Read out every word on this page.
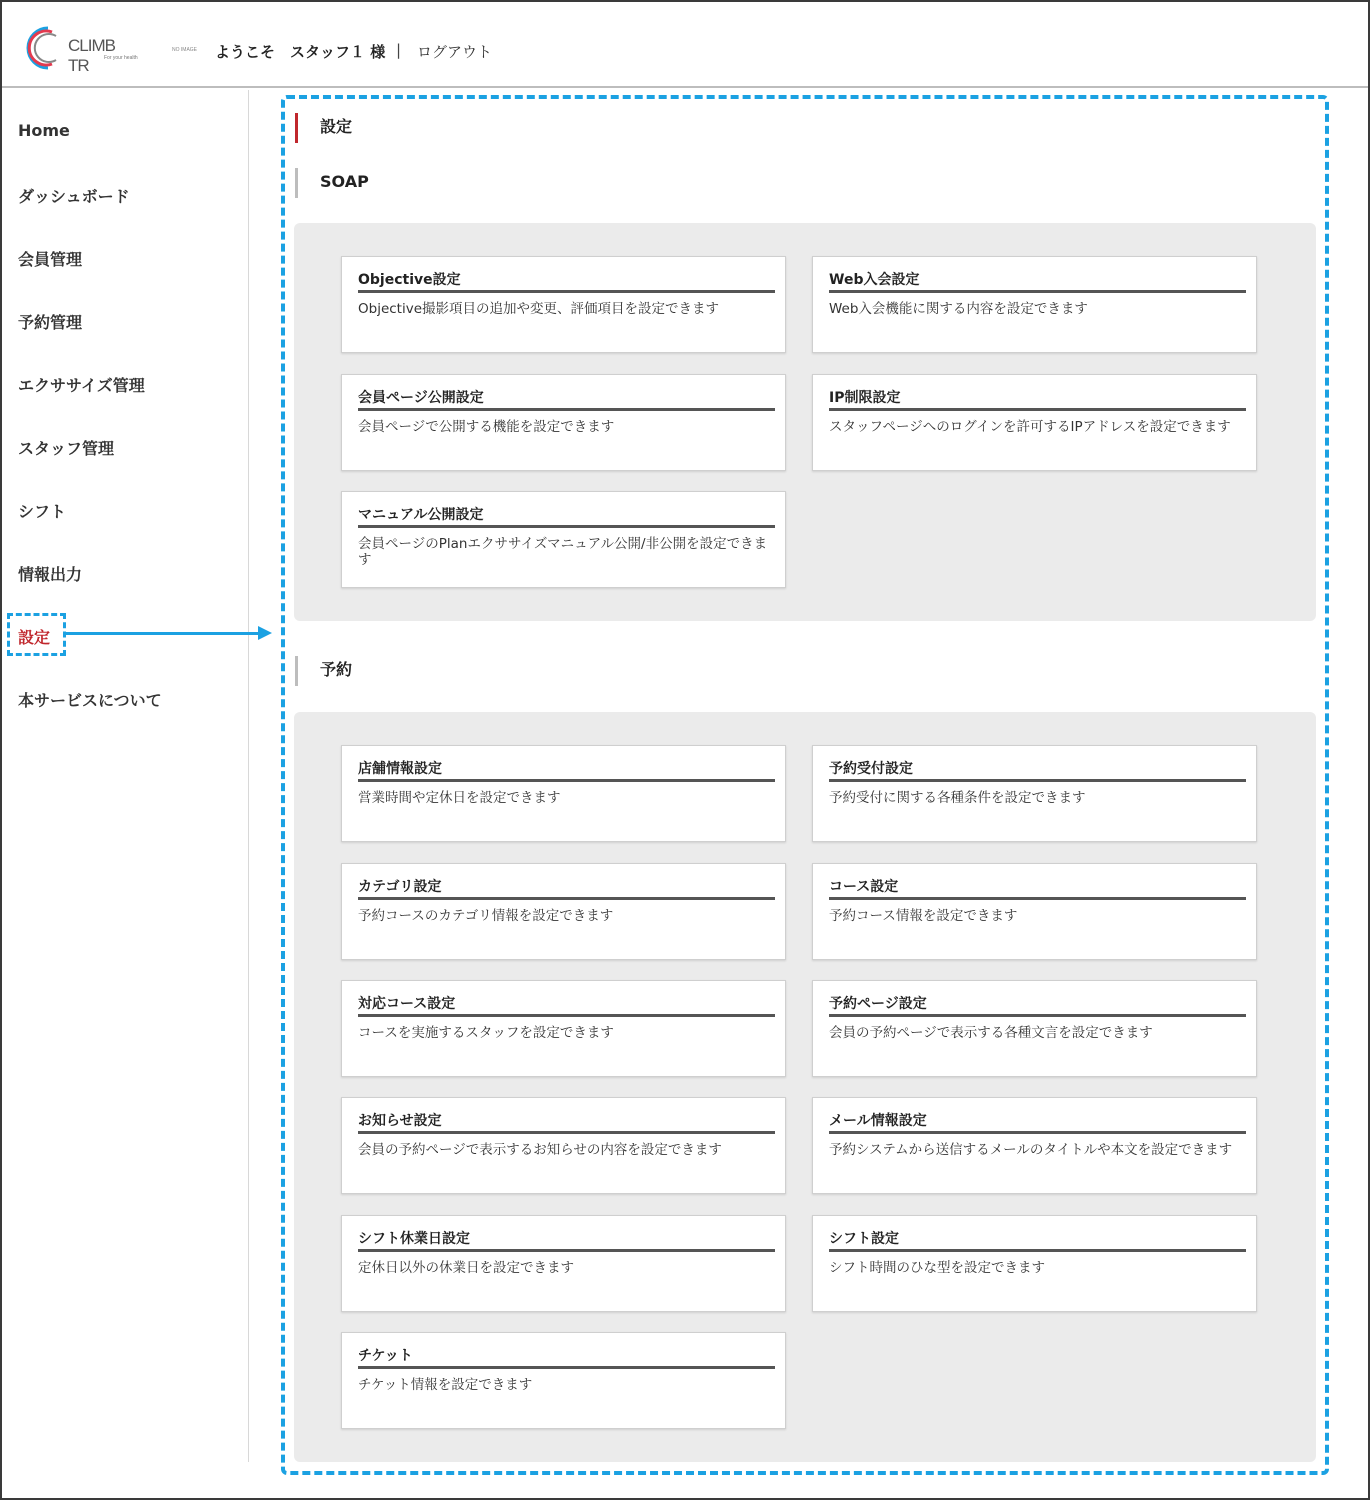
CLIMB TR	For your health
NO IMAGE ようこそ スタッフ１ 様 | ログアウト
Home
ダッシュボード
会員管理
予約管理
エクササイズ管理
スタッフ管理
シフト
情報出力
設定
本サービスについて
設定
SOAP
Objective設定
Objective撮影項目の追加や変更、評価項目を設定できます
Web入会設定
Web入会機能に関する内容を設定できます
会員ページ公開設定
会員ページで公開する機能を設定できます
IP制限設定
スタッフページへのログインを許可するIPアドレスを設定できます
マニュアル公開設定
会員ページのPlanエクササイズマニュアル公開/非公開を設定できます
予約
店舗情報設定
営業時間や定休日を設定できます
予約受付設定
予約受付に関する各種条件を設定できます
カテゴリ設定
予約コースのカテゴリ情報を設定できます
コース設定
予約コース情報を設定できます
対応コース設定
コースを実施するスタッフを設定できます
予約ページ設定
会員の予約ページで表示する各種文言を設定できます
お知らせ設定
会員の予約ページで表示するお知らせの内容を設定できます
メール情報設定
予約システムから送信するメールのタイトルや本文を設定できます
シフト休業日設定
定休日以外の休業日を設定できます
シフト設定
シフト時間のひな型を設定できます
チケット
チケット情報を設定できます
